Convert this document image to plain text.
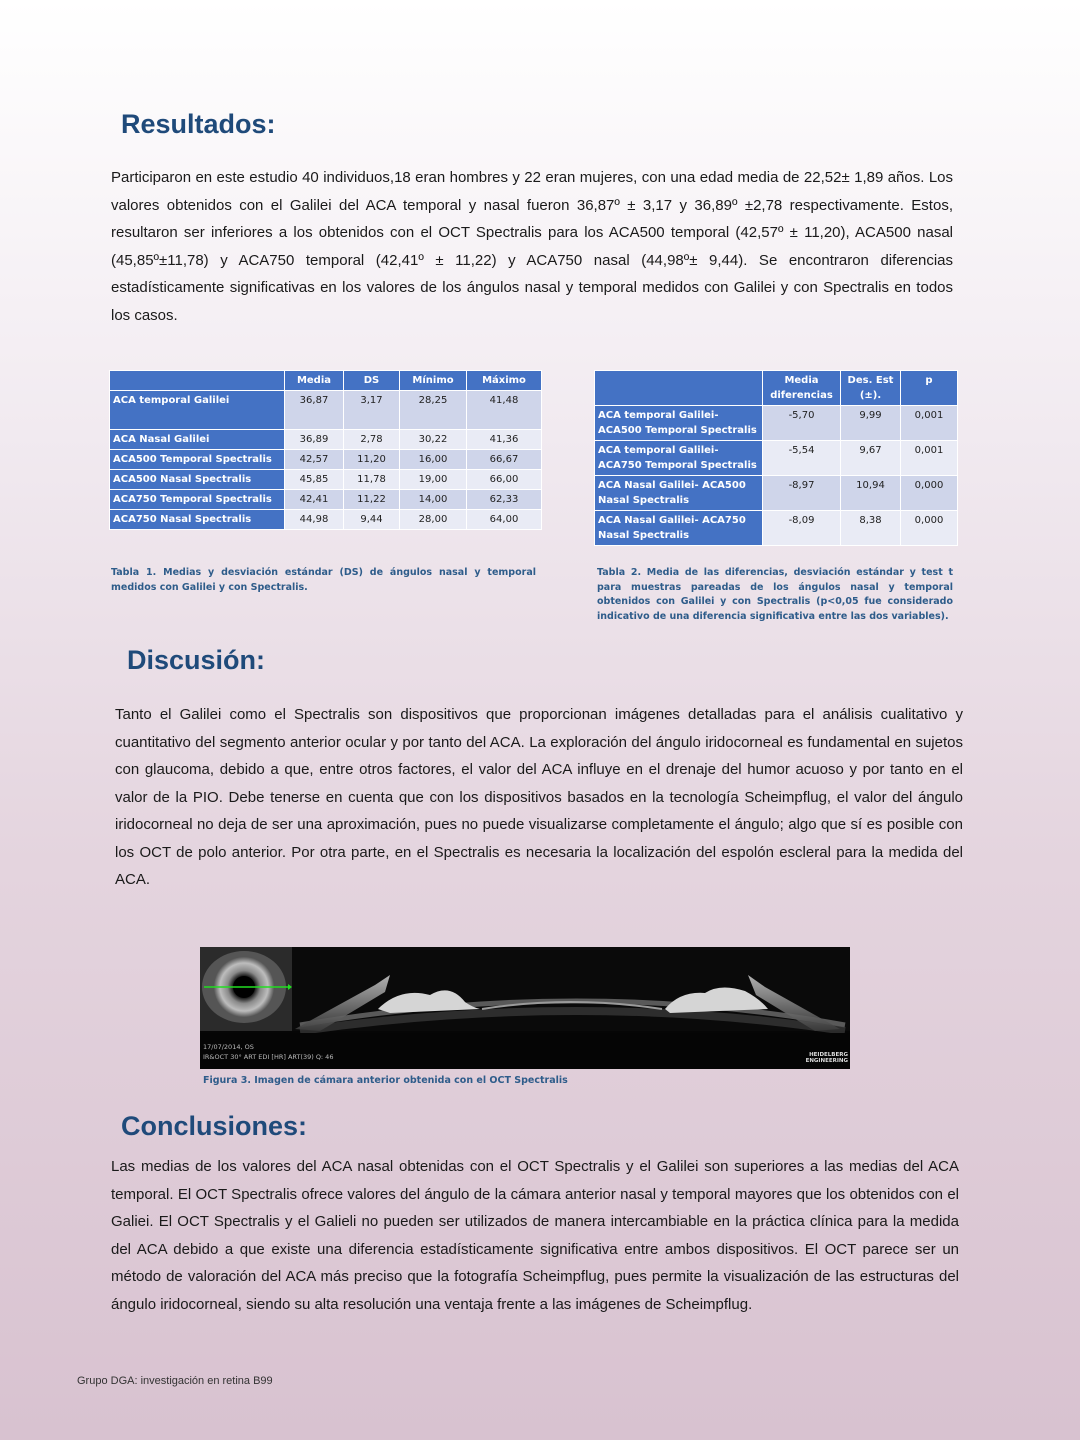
Resultados:

Participaron en este estudio 40 individuos,18 eran hombres y 22 eran mujeres, con una edad media de 22,52± 1,89 años. Los valores obtenidos con el Galilei del ACA temporal y nasal fueron 36,87º ± 3,17 y 36,89º ±2,78 respectivamente. Estos, resultaron ser inferiores a los obtenidos con el OCT Spectralis para los ACA500 temporal (42,57º ± 11,20), ACA500 nasal (45,85º±11,78) y ACA750 temporal (42,41º ± 11,22) y ACA750 nasal (44,98º± 9,44). Se encontraron diferencias estadísticamente significativas en los valores de los ángulos nasal y temporal medidos con Galilei y con Spectralis en todos los casos.

	Media	DS	Mínimo	Máximo
ACA temporal Galilei	36,87	3,17	28,25	41,48
ACA Nasal Galilei	36,89	2,78	30,22	41,36
ACA500 Temporal Spectralis	42,57	11,20	16,00	66,67
ACA500 Nasal Spectralis	45,85	11,78	19,00	66,00
ACA750 Temporal Spectralis	42,41	11,22	14,00	62,33
ACA750 Nasal Spectralis	44,98	9,44	28,00	64,00

Tabla 1. Medias y desviación estándar (DS) de ángulos nasal y temporal medidos con Galilei y con Spectralis.

	Media diferencias	Des. Est (±).	p
ACA temporal Galilei- ACA500 Temporal Spectralis	-5,70	9,99	0,001
ACA temporal Galilei- ACA750 Temporal Spectralis	-5,54	9,67	0,001
ACA Nasal Galilei- ACA500 Nasal Spectralis	-8,97	10,94	0,000
ACA Nasal Galilei- ACA750 Nasal Spectralis	-8,09	8,38	0,000

Tabla 2. Media de las diferencias, desviación estándar y test t para muestras pareadas de los ángulos nasal y temporal obtenidos con Galilei y con Spectralis (p<0,05 fue considerado indicativo de una diferencia significativa entre las dos variables).

Discusión:

Tanto el Galilei como el Spectralis son dispositivos que proporcionan imágenes detalladas para el análisis cualitativo y cuantitativo del segmento anterior ocular y por tanto del ACA. La exploración del ángulo iridocorneal es fundamental en sujetos con glaucoma, debido a que, entre otros factores, el valor del ACA influye en el drenaje del humor acuoso y por tanto en el valor de la PIO. Debe tenerse en cuenta que con los dispositivos basados en la tecnología Scheimpflug, el valor del ángulo iridocorneal no deja de ser una aproximación, pues no puede visualizarse completamente el ángulo; algo que sí es posible con los OCT de polo anterior. Por otra parte, en el Spectralis es necesaria la localización del espolón escleral para la medida del ACA.

17/07/2014, OS
IR&OCT 30° ART EDI [HR] ART(39) Q: 46	HEIDELBERG
ENGINEERING

Figura 3. Imagen de cámara anterior obtenida con el OCT Spectralis

Conclusiones:

Las medias de los valores del ACA nasal obtenidas con el OCT Spectralis y el Galilei son superiores a las medias del ACA temporal. El OCT Spectralis ofrece valores del ángulo de la cámara anterior nasal y temporal mayores que los obtenidos con el Galiei. El OCT Spectralis y el Galieli no pueden ser utilizados de manera intercambiable en la práctica clínica para la medida del ACA debido a que existe una diferencia estadísticamente significativa entre ambos dispositivos. El OCT parece ser un método de valoración del ACA más preciso que la fotografía Scheimpflug, pues permite la visualización de las estructuras del ángulo iridocorneal, siendo su alta resolución una ventaja frente a las imágenes de Scheimpflug.

Grupo DGA: investigación en retina B99
